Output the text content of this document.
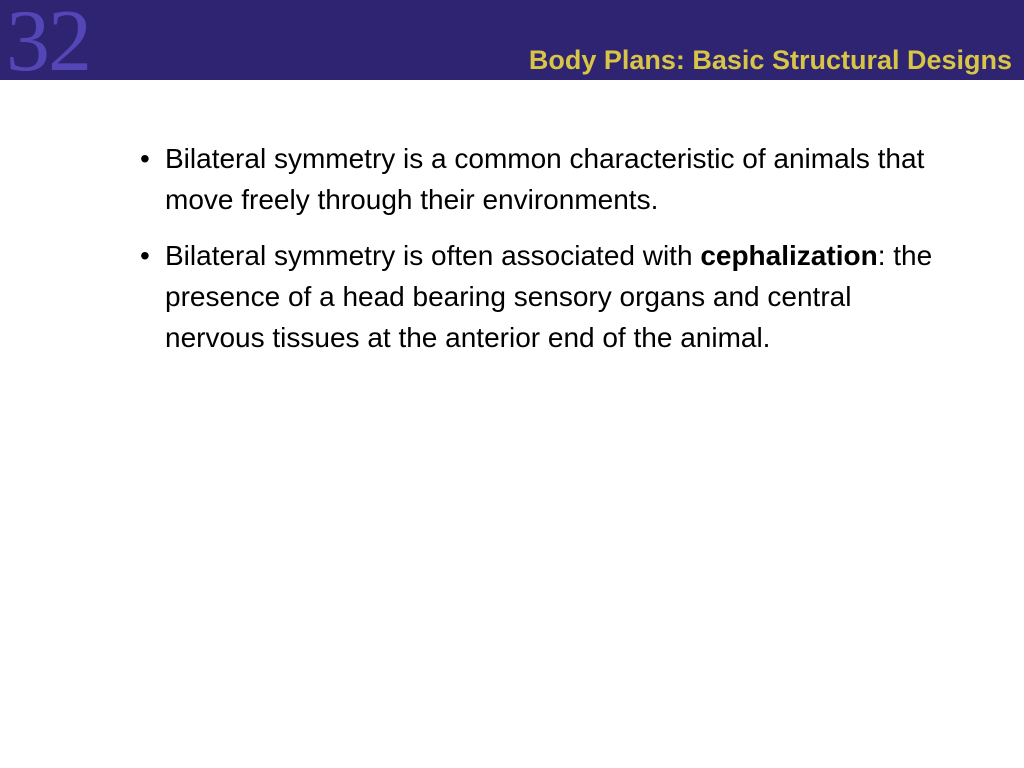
32	Body Plans: Basic Structural Designs
• Bilateral symmetry is a common characteristic of animals that move freely through their environments.
• Bilateral symmetry is often associated with cephalization: the presence of a head bearing sensory organs and central nervous tissues at the anterior end of the animal.
